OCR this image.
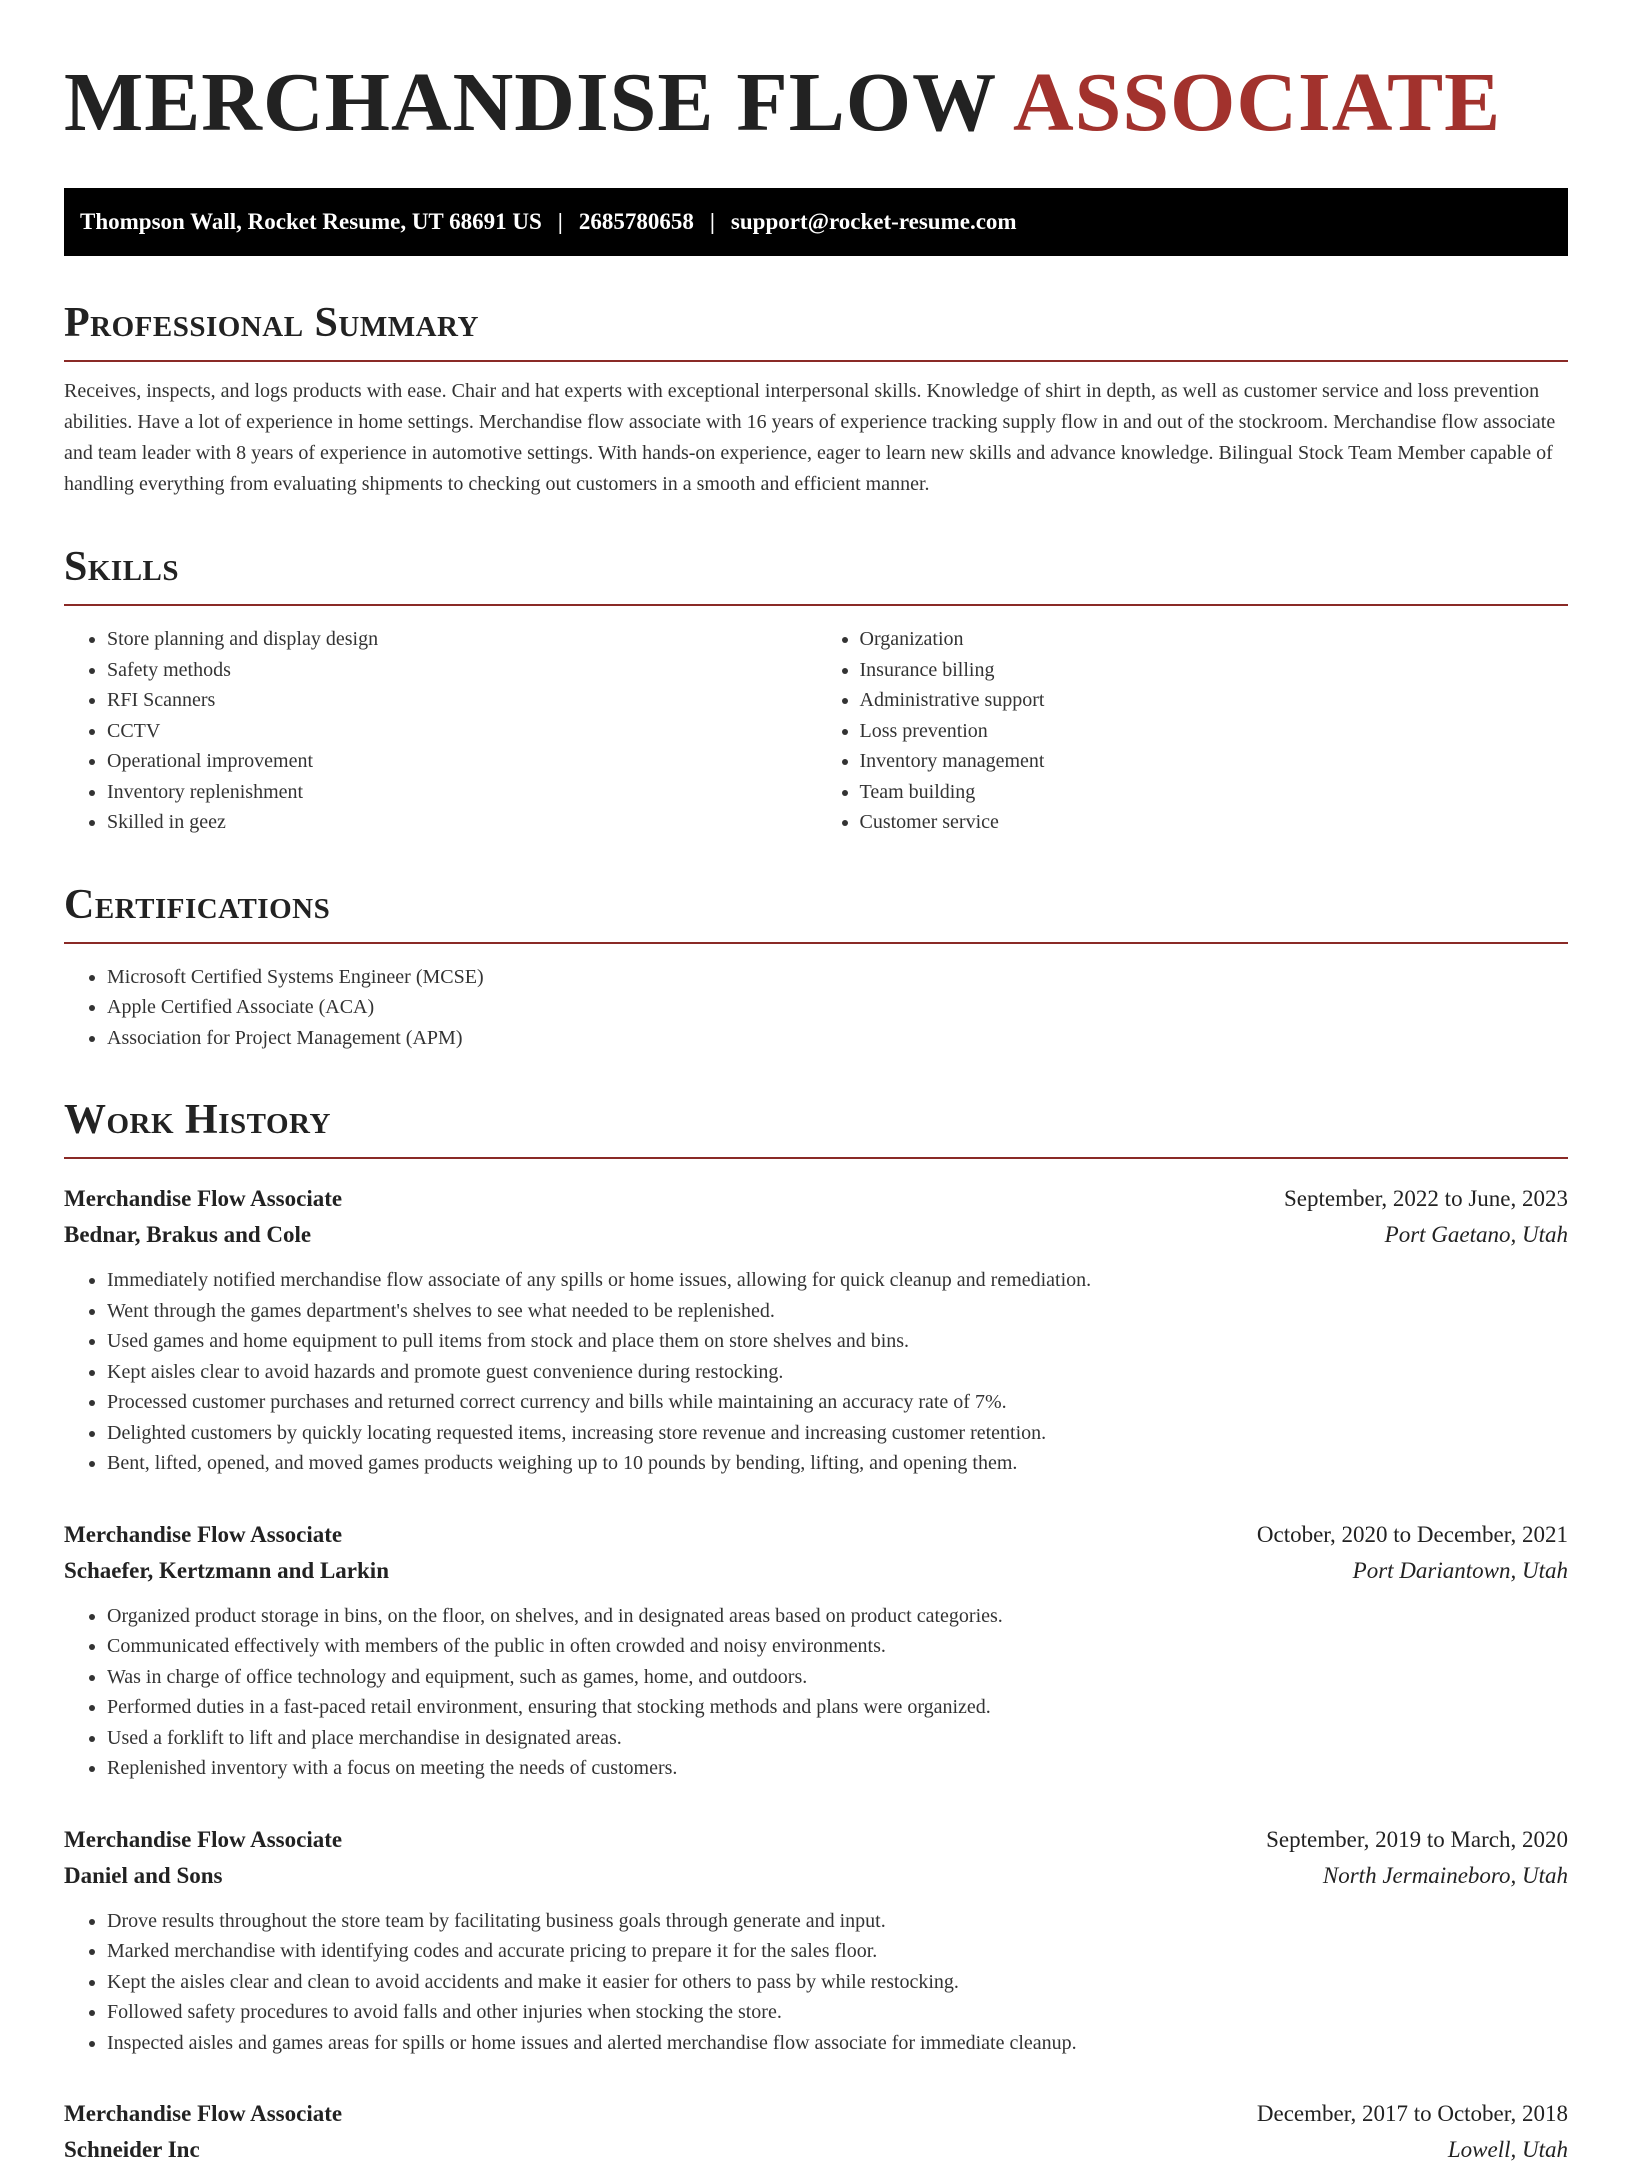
MERCHANDISE FLOW ASSOCIATE
Thompson Wall, Rocket Resume, UT 68691 US | 2685780658 | support@rocket-resume.com
Professional Summary

Receives, inspects, and logs products with ease. Chair and hat experts with exceptional interpersonal skills. Knowledge of shirt in depth, as well as customer service and loss prevention abilities. Have a lot of experience in home settings. Merchandise flow associate with 16 years of experience tracking supply flow in and out of the stockroom. Merchandise flow associate and team leader with 8 years of experience in automotive settings. With hands-on experience, eager to learn new skills and advance knowledge. Bilingual Stock Team Member capable of handling everything from evaluating shipments to checking out customers in a smooth and efficient manner.

Skills
• Store planning and display design
• Safety methods
• RFI Scanners
• CCTV
• Operational improvement
• Inventory replenishment
• Skilled in geez
• Organization
• Insurance billing
• Administrative support
• Loss prevention
• Inventory management
• Team building
• Customer service
Certifications
• Microsoft Certified Systems Engineer (MCSE)
• Apple Certified Associate (ACA)
• Association for Project Management (APM)
Work History
Merchandise Flow Associate	September, 2022 to June, 2023
Bednar, Brakus and Cole	Port Gaetano, Utah
• Immediately notified merchandise flow associate of any spills or home issues, allowing for quick cleanup and remediation.
• Went through the games department's shelves to see what needed to be replenished.
• Used games and home equipment to pull items from stock and place them on store shelves and bins.
• Kept aisles clear to avoid hazards and promote guest convenience during restocking.
• Processed customer purchases and returned correct currency and bills while maintaining an accuracy rate of 7%.
• Delighted customers by quickly locating requested items, increasing store revenue and increasing customer retention.
• Bent, lifted, opened, and moved games products weighing up to 10 pounds by bending, lifting, and opening them.
Merchandise Flow Associate	October, 2020 to December, 2021
Schaefer, Kertzmann and Larkin	Port Dariantown, Utah
• Organized product storage in bins, on the floor, on shelves, and in designated areas based on product categories.
• Communicated effectively with members of the public in often crowded and noisy environments.
• Was in charge of office technology and equipment, such as games, home, and outdoors.
• Performed duties in a fast-paced retail environment, ensuring that stocking methods and plans were organized.
• Used a forklift to lift and place merchandise in designated areas.
• Replenished inventory with a focus on meeting the needs of customers.
Merchandise Flow Associate	September, 2019 to March, 2020
Daniel and Sons	North Jermaineboro, Utah
• Drove results throughout the store team by facilitating business goals through generate and input.
• Marked merchandise with identifying codes and accurate pricing to prepare it for the sales floor.
• Kept the aisles clear and clean to avoid accidents and make it easier for others to pass by while restocking.
• Followed safety procedures to avoid falls and other injuries when stocking the store.
• Inspected aisles and games areas for spills or home issues and alerted merchandise flow associate for immediate cleanup.
Merchandise Flow Associate	December, 2017 to October, 2018
Schneider Inc	Lowell, Utah
